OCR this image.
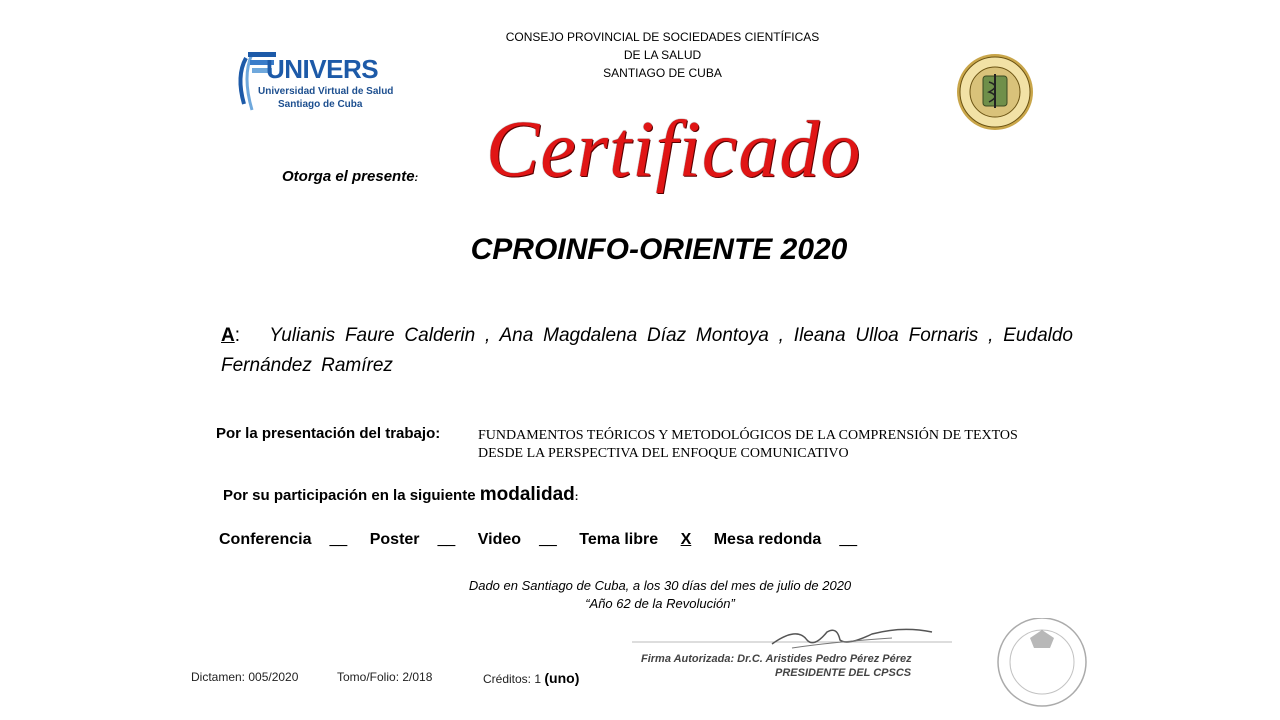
CONSEJO PROVINCIAL DE SOCIEDADES CIENTÍFICAS
DE LA SALUD
SANTIAGO DE CUBA
UNIVERS
Universidad Virtual de Salud
Santiago de Cuba
Otorga el presente: Certificado
CPROINFO-ORIENTE 2020
A: Yulianis Faure Calderin , Ana Magdalena Díaz Montoya , Ileana Ulloa Fornaris , Eudaldo Fernández Ramírez
Por la presentación del trabajo:	FUNDAMENTOS TEÓRICOS Y METODOLÓGICOS DE LA COMPRENSIÓN DE TEXTOS DESDE LA PERSPECTIVA DEL ENFOQUE COMUNICATIVO
Por su participación en la siguiente modalidad:
Conferencia __ Poster __ Video __ Tema libre X Mesa redonda __
Dado en Santiago de Cuba, a los 30 días del mes de julio de 2020
“Año 62 de la Revolución”
Firma Autorizada: Dr.C. Aristides Pedro Pérez Pérez
PRESIDENTE DEL CPSCS
Dictamen: 005/2020	Tomo/Folio: 2/018	Créditos: 1 (uno)
